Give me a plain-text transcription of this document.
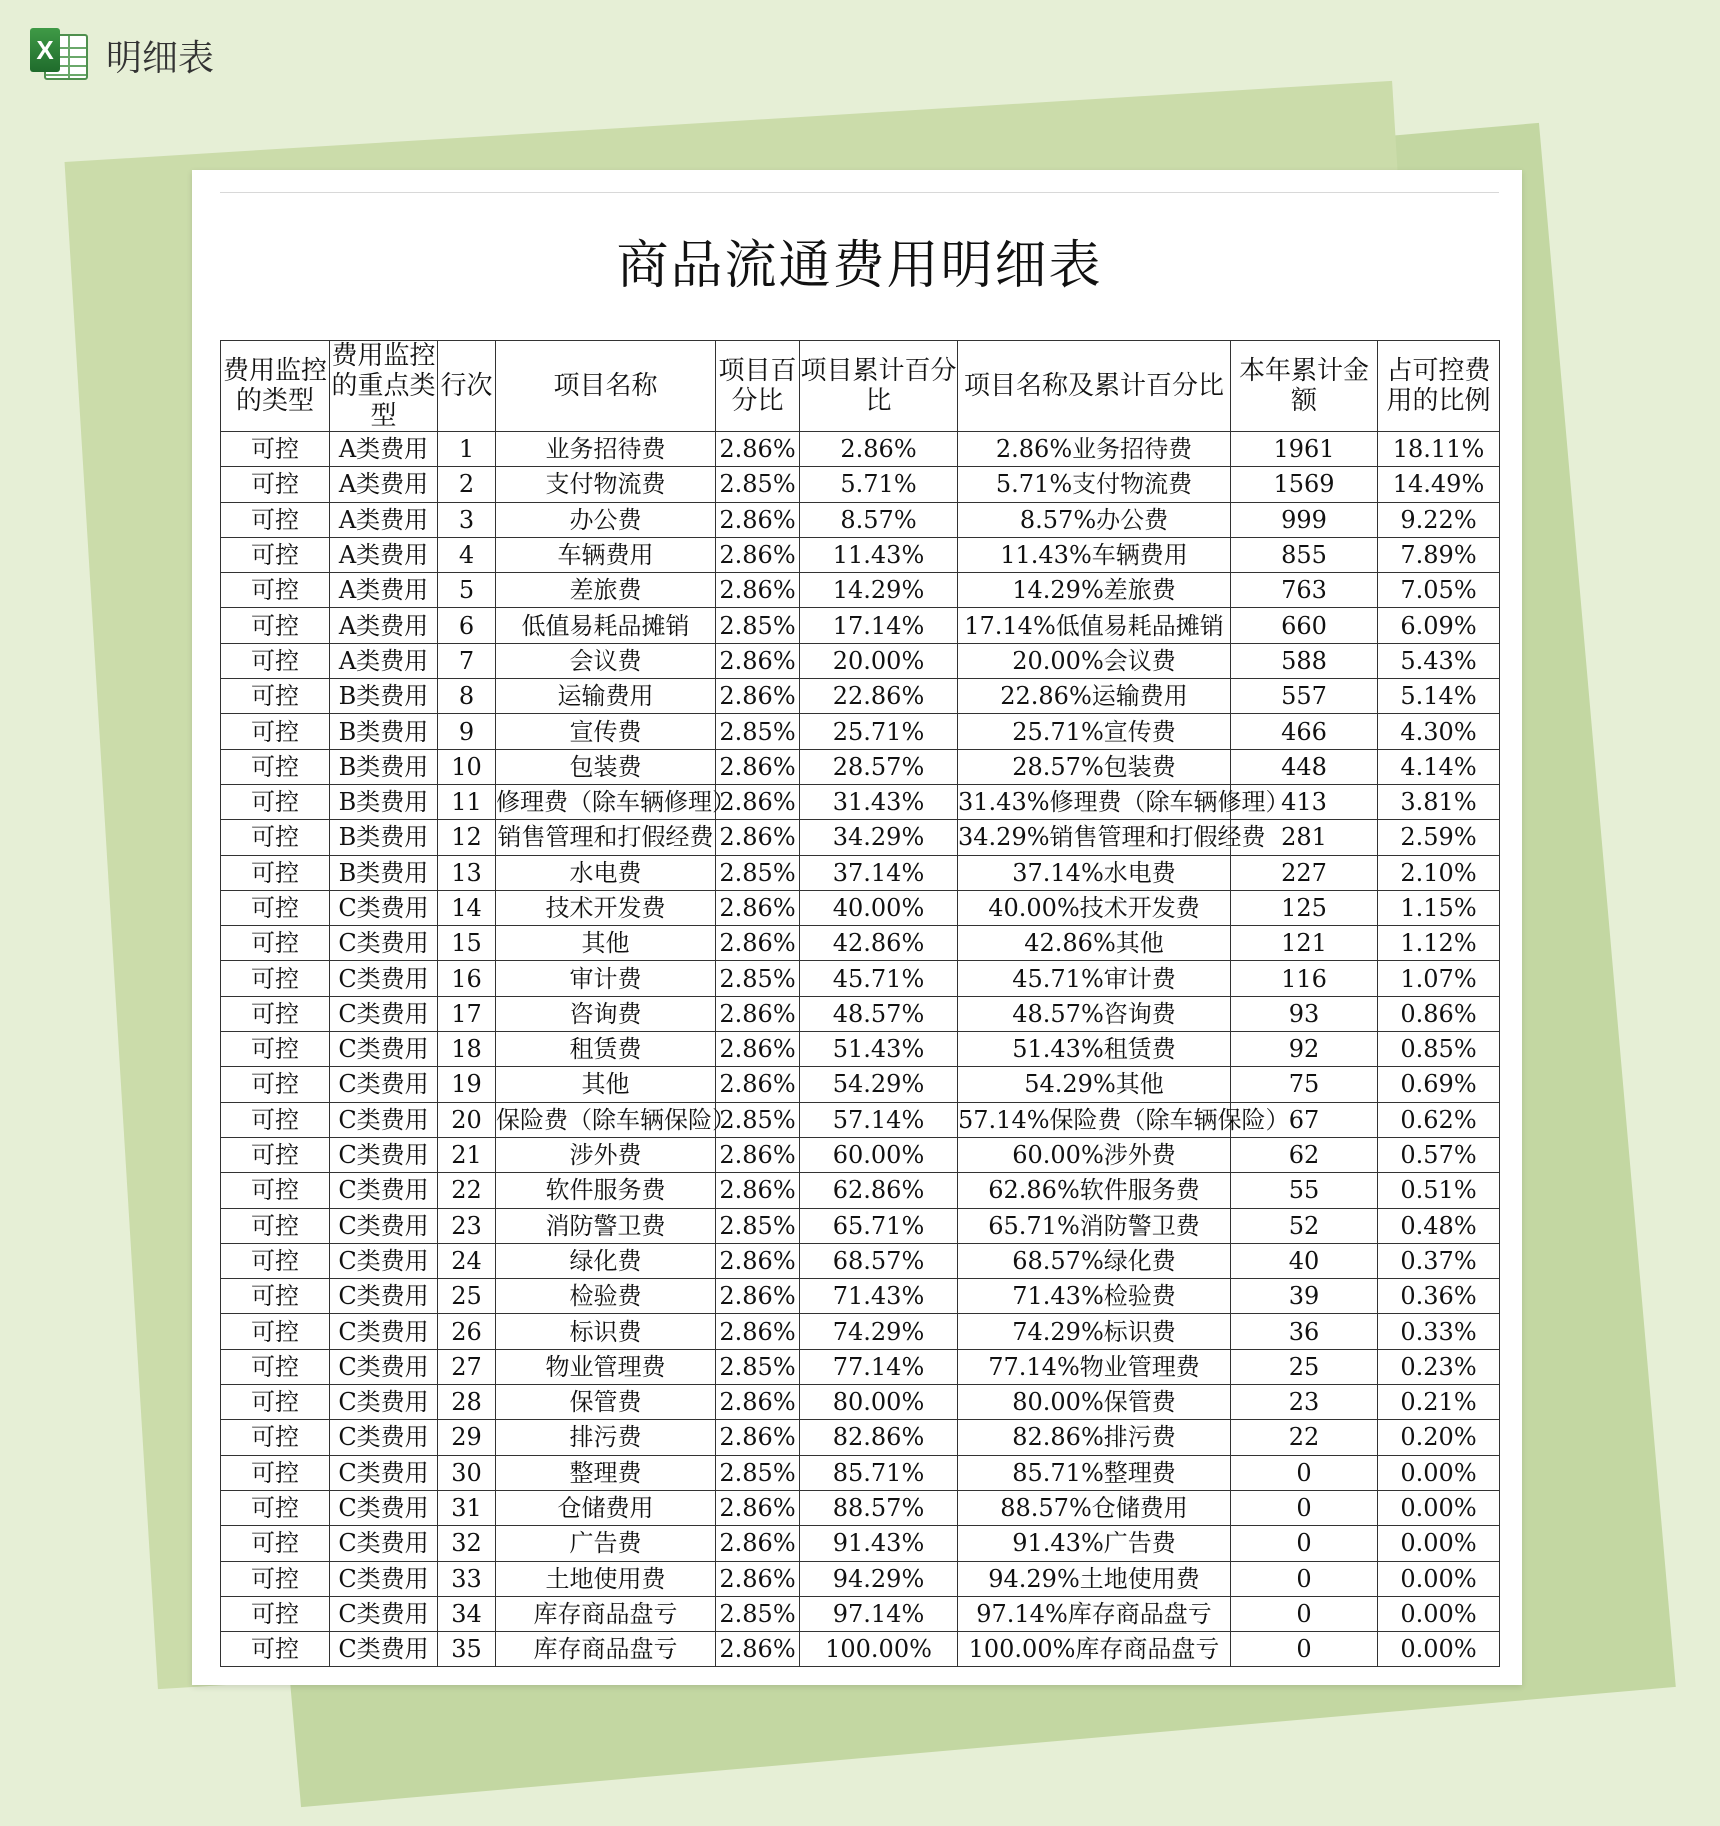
X 明细表
商品流通费用明细表
费用监控的类型	费用监控的重点类型	行次	项目名称	项目百分比	项目累计百分比	项目名称及累计百分比	本年累计金额	占可控费用的比例
可控	A类费用	1	业务招待费	2.86%	2.86%	2.86%业务招待费	1961	18.11%
可控	A类费用	2	支付物流费	2.85%	5.71%	5.71%支付物流费	1569	14.49%
可控	A类费用	3	办公费	2.86%	8.57%	8.57%办公费	999	9.22%
可控	A类费用	4	车辆费用	2.86%	11.43%	11.43%车辆费用	855	7.89%
可控	A类费用	5	差旅费	2.86%	14.29%	14.29%差旅费	763	7.05%
可控	A类费用	6	低值易耗品摊销	2.85%	17.14%	17.14%低值易耗品摊销	660	6.09%
可控	A类费用	7	会议费	2.86%	20.00%	20.00%会议费	588	5.43%
可控	B类费用	8	运输费用	2.86%	22.86%	22.86%运输费用	557	5.14%
可控	B类费用	9	宣传费	2.85%	25.71%	25.71%宣传费	466	4.30%
可控	B类费用	10	包装费	2.86%	28.57%	28.57%包装费	448	4.14%
可控	B类费用	11	修理费（除车辆修理）	2.86%	31.43%	31.43%修理费（除车辆修理）	413	3.81%
可控	B类费用	12	销售管理和打假经费	2.86%	34.29%	34.29%销售管理和打假经费	281	2.59%
可控	B类费用	13	水电费	2.85%	37.14%	37.14%水电费	227	2.10%
可控	C类费用	14	技术开发费	2.86%	40.00%	40.00%技术开发费	125	1.15%
可控	C类费用	15	其他	2.86%	42.86%	42.86%其他	121	1.12%
可控	C类费用	16	审计费	2.85%	45.71%	45.71%审计费	116	1.07%
可控	C类费用	17	咨询费	2.86%	48.57%	48.57%咨询费	93	0.86%
可控	C类费用	18	租赁费	2.86%	51.43%	51.43%租赁费	92	0.85%
可控	C类费用	19	其他	2.86%	54.29%	54.29%其他	75	0.69%
可控	C类费用	20	保险费（除车辆保险）	2.85%	57.14%	57.14%保险费（除车辆保险）	67	0.62%
可控	C类费用	21	涉外费	2.86%	60.00%	60.00%涉外费	62	0.57%
可控	C类费用	22	软件服务费	2.86%	62.86%	62.86%软件服务费	55	0.51%
可控	C类费用	23	消防警卫费	2.85%	65.71%	65.71%消防警卫费	52	0.48%
可控	C类费用	24	绿化费	2.86%	68.57%	68.57%绿化费	40	0.37%
可控	C类费用	25	检验费	2.86%	71.43%	71.43%检验费	39	0.36%
可控	C类费用	26	标识费	2.86%	74.29%	74.29%标识费	36	0.33%
可控	C类费用	27	物业管理费	2.85%	77.14%	77.14%物业管理费	25	0.23%
可控	C类费用	28	保管费	2.86%	80.00%	80.00%保管费	23	0.21%
可控	C类费用	29	排污费	2.86%	82.86%	82.86%排污费	22	0.20%
可控	C类费用	30	整理费	2.85%	85.71%	85.71%整理费	0	0.00%
可控	C类费用	31	仓储费用	2.86%	88.57%	88.57%仓储费用	0	0.00%
可控	C类费用	32	广告费	2.86%	91.43%	91.43%广告费	0	0.00%
可控	C类费用	33	土地使用费	2.86%	94.29%	94.29%土地使用费	0	0.00%
可控	C类费用	34	库存商品盘亏	2.85%	97.14%	97.14%库存商品盘亏	0	0.00%
可控	C类费用	35	库存商品盘亏	2.86%	100.00%	100.00%库存商品盘亏	0	0.00%
